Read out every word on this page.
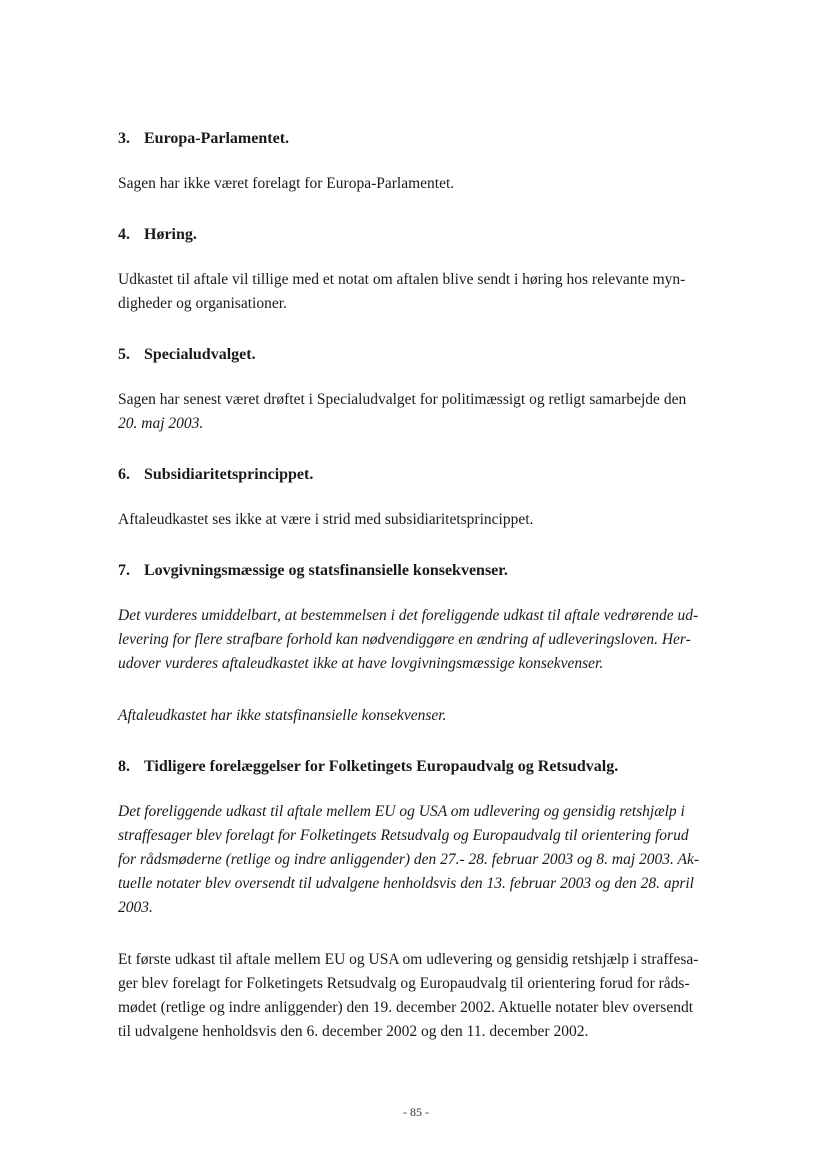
3. Europa-Parlamentet.
Sagen har ikke været forelagt for Europa-Parlamentet.
4. Høring.
Udkastet til aftale vil tillige med et notat om aftalen blive sendt i høring hos relevante myn-
digheder og organisationer.
5. Specialudvalget.
Sagen har senest været drøftet i Specialudvalget for politimæssigt og retligt samarbejde den
20. maj 2003.
6. Subsidiaritetsprincippet.
Aftaleudkastet ses ikke at være i strid med subsidiaritetsprincippet.
7. Lovgivningsmæssige og statsfinansielle konsekvenser.
Det vurderes umiddelbart, at bestemmelsen i det foreliggende udkast til aftale vedrørende ud-
levering for flere strafbare forhold kan nødvendiggøre en ændring af udleveringsloven. Her-
udover vurderes aftaleudkastet ikke at have lovgivningsmæssige konsekvenser.
Aftaleudkastet har ikke statsfinansielle konsekvenser.
8. Tidligere forelæggelser for Folketingets Europaudvalg og Retsudvalg.
Det foreliggende udkast til aftale mellem EU og USA om udlevering og gensidig retshjælp i
straffesager blev forelagt for Folketingets Retsudvalg og Europaudvalg til orientering forud
for rådsmøderne (retlige og indre anliggender) den 27.- 28. februar 2003 og 8. maj 2003. Ak-
tuelle notater blev oversendt til udvalgene henholdsvis den 13. februar 2003 og den 28. april
2003.
Et første udkast til aftale mellem EU og USA om udlevering og gensidig retshjælp i straffesa-
ger blev forelagt for Folketingets Retsudvalg og Europaudvalg til orientering forud for råds-
mødet (retlige og indre anliggender) den 19. december 2002. Aktuelle notater blev oversendt
til udvalgene henholdsvis den 6. december 2002 og den 11. december 2002.
- 85 -
